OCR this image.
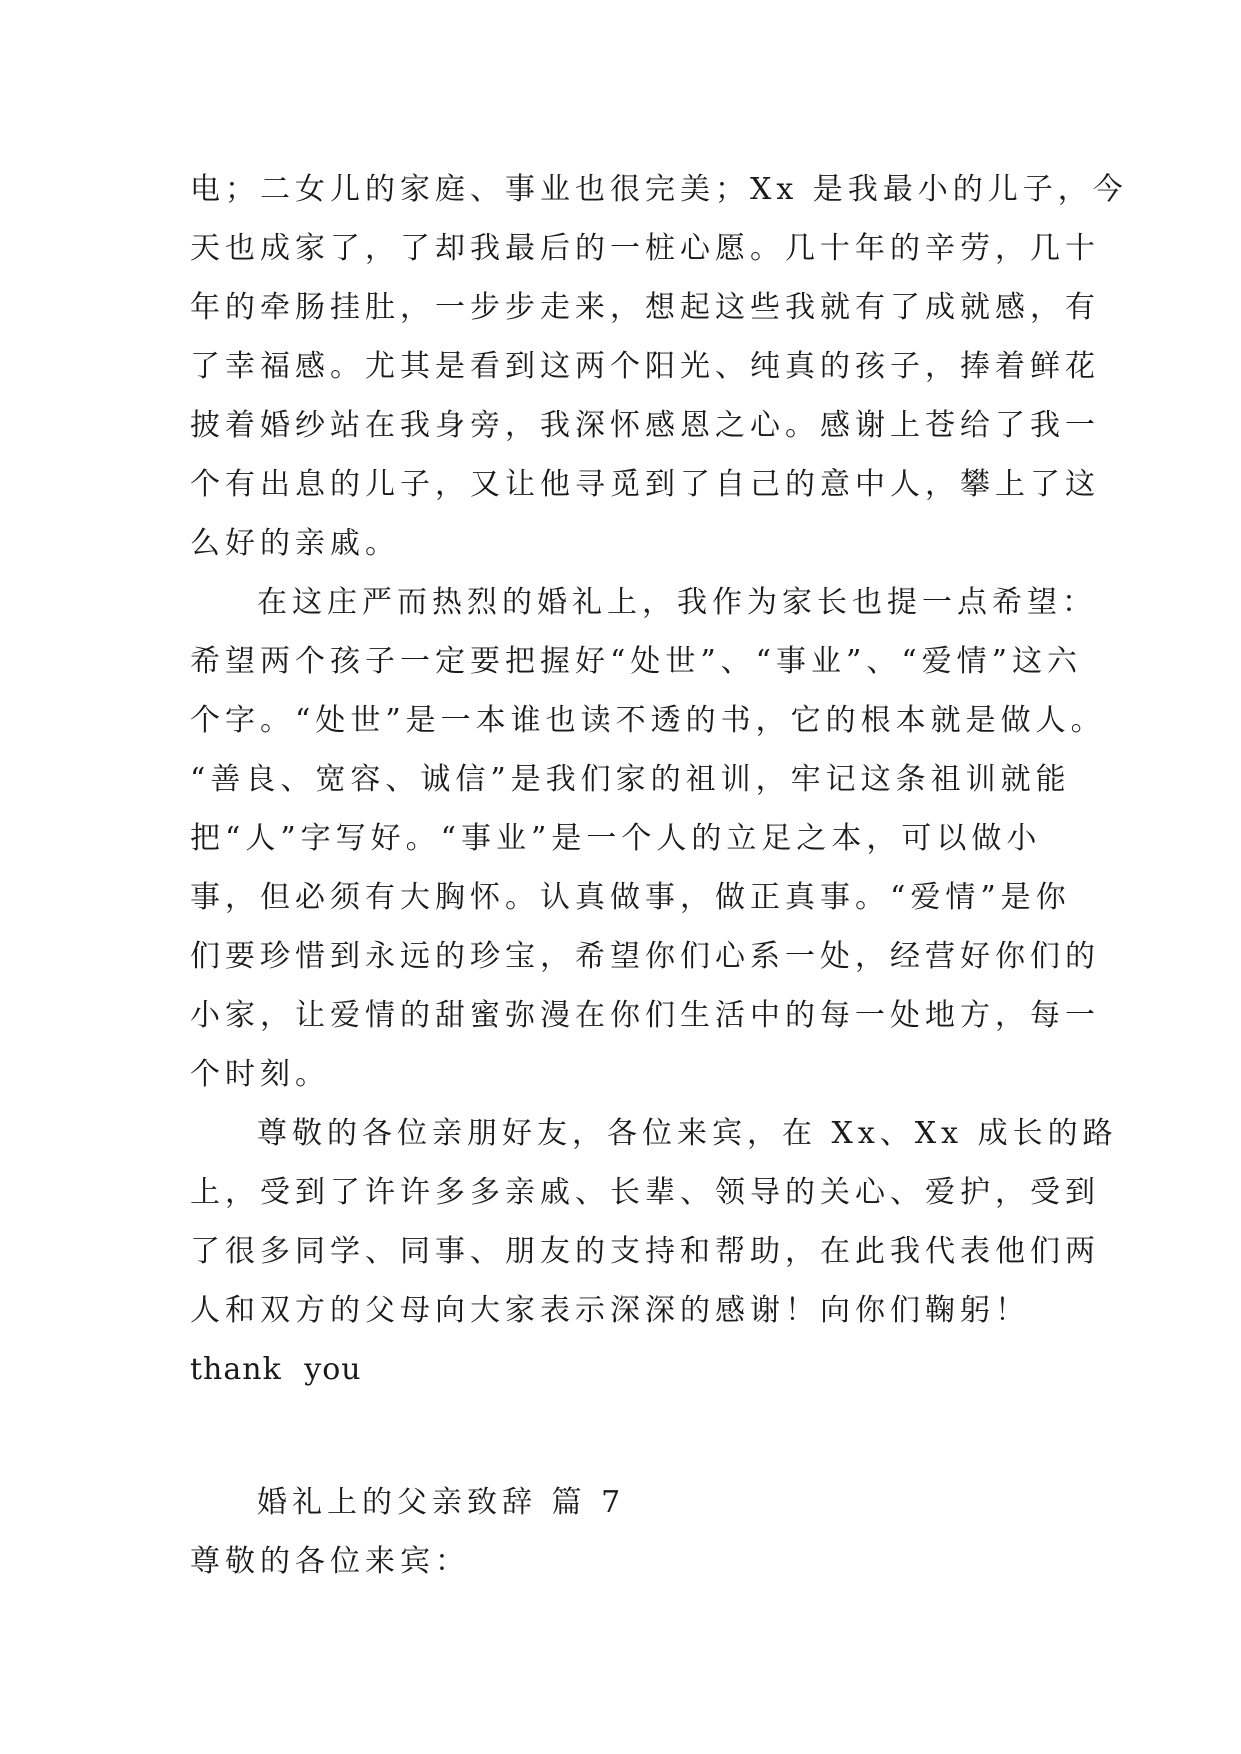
电；二女儿的家庭、事业也很完美；Xx 是我最小的儿子，今
天也成家了，了却我最后的一桩心愿。几十年的辛劳，几十
年的牵肠挂肚，一步步走来，想起这些我就有了成就感，有
了幸福感。尤其是看到这两个阳光、纯真的孩子，捧着鲜花
披着婚纱站在我身旁，我深怀感恩之心。感谢上苍给了我一
个有出息的儿子，又让他寻觅到了自己的意中人，攀上了这
么好的亲戚。
在这庄严而热烈的婚礼上，我作为家长也提一点希望：
希望两个孩子一定要把握好“处世”、“事业”、“爱情”这六
个字。“处世”是一本谁也读不透的书，它的根本就是做人。
“善良、宽容、诚信”是我们家的祖训，牢记这条祖训就能
把“人”字写好。“事业”是一个人的立足之本，可以做小
事，但必须有大胸怀。认真做事，做正真事。“爱情”是你
们要珍惜到永远的珍宝，希望你们心系一处，经营好你们的
小家，让爱情的甜蜜弥漫在你们生活中的每一处地方，每一
个时刻。
尊敬的各位亲朋好友，各位来宾，在 Xx、Xx 成长的路
上，受到了许许多多亲戚、长辈、领导的关心、爱护，受到
了很多同学、同事、朋友的支持和帮助，在此我代表他们两
人和双方的父母向大家表示深深的感谢！向你们鞠躬！
thank you
婚礼上的父亲致辞 篇 7
尊敬的各位来宾：
